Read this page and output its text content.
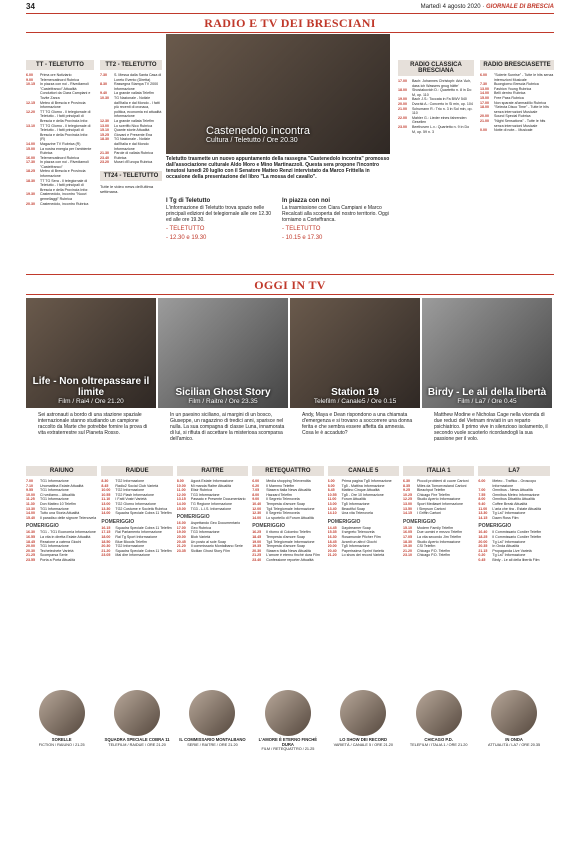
34	Martedì 4 agosto 2020 · GIORNALE DI BRESCIA
RADIO E TV DEI BRESCIANI
TT - TELETUTTO
6.00	Prima ore Notiziario
9.00	Telemercatinord Rubrica
10.15	In piazza con noi - Rivediamoli "Castelfranco" Attualità
Conduttori da Ciara Campiani e Tovite Zarza
12.15	Meteo di Brescia e Provincia Informazione
12.20	TT TG Giorno - Il telegiornale di Teletutto - I fatti principali di Brescia e della Provincia Infor.
13.10	TT TG Giorno - Il telegiornale di Teletutto - I fatti principali di Brescia e della Provincia Infor. (R)
14.00	Magazine TV Rubrica (R)
15.00	La nostra energia per l'ambiente Rubrica
16.00	Telemercatinord Rubrica
17.30	In piazza con noi - Rivediamoli "Castelfranco"
18.25	Meteo di Brescia e Provincia Informazione
18.30	TT TG Sera - Il telegiornale di Teletutto - I fatti principali di Brescia e della Provincia Infor.
19.30	Castenedolo, incontro "Nuovi gemellaggi" Rubrica
20.30	Castenedolo, incontro Rubrica
TT2 - TELETUTTO
7.30	S. Messa dalla Santa Casa di Loreto Evento (Diretta)
8.30	Rassegna Stampa TV 2000 Informazione
9.40	La grande vallata Teleflm
10.30	TG Nazionale - Notizie dall'Italia e dal Mondo - I fatti più recenti di cronaca, politica, economia ed attualità Informazione
12.30	La grande vallata Teleflm
13.00	Lo sceriffo Nico Rubrica
15.10	Quante storie Attualità
15.25	Giovani e Presente Ena
18.30	TG Nazionale - Notizie dall'Italia e dal Mondo Informazione
21.30	Parole di vallata Rubrica
23.40	Rubrica
23.20	Musei d'Europa Rubrica
TT24 - TELETUTTO
Tutte le video news dell'ultima settimana.
Castenedolo incontra
Cultura / Teletutto / Ore 20.30
Teletutto trasmette un nuovo appuntamento della rassegna "Castenedolo incontra" promosso dall'associazione culturale Aldo Moro e Mino Martinazzoli. Questa sera propone l'incontro tenutosi lunedì 20 luglio con il Senatore Matteo Renzi intervistato da Marco Frittella in occasione della presentazione del libro "La mossa del cavallo".
I Tg di Teletutto
L'informazione di Teletutto trova spazio nelle principali edizioni del telegiornale alle ore 12.30 ed alle ore 19.30.
- TELETUTTO
- 12.30 e 19.30
In piazza con noi
La trasmissione con Ciara Campiani e Marco Recalcati alla scoperta del nostro territorio. Oggi torniamo a Corteffranca.
- TELETUTTO
- 10.15 e 17.30
RADIO CLASSICA BRESCIANA
17.00	Bach: Johannes Christoph: Aria 'Ach, dass ich Wassers gnug hätte'
18.00	Shostakovich D.: Quartetto n. 8 in Do M, op. 110
19.00	Bach J.S.: Toccata in Fa BWV 540
20.00	Dvorák A.: Concerto in Si min, op. 104
21.00	Schumann R.: Trio n. 3 in Sol min, op. 110
22.00	Mahler G.: Lieder eines fahrenden Gesellen
23.00	Beethoven L.v.: Quartetto n. 9 in Do M, op. 59 n. 3
RADIO BRESCIASETTE
6.00	"Solerte Sunrise" - Tutte le hits senza interruzioni Musicale
7.30	Buongiorno Brescia Rubrica
13.00	Fashion Young Rubrica
14.00	Belli dentro Rubrica
15.00	Free Pass Rubrica
17.00	Non sparate al'armadillo Rubrica
18.00	"Selecta Disco Time" - Tutte le hits senza interruzioni Musicale
20.00	Sound Special Rubrica
21.00	"Night Sensations" - Tutte le hits senza interruzioni Musicale
0.00	Notte di note... Musicale
OGGI IN TV
Life - Non oltrepassare il limite
Film / Rai4 / Ore 21.20
Sei astronauti a bordo di una stazione spaziale internazionale stanno studiando un campione raccolto da Marte che potrebbe fornire la prova di vita extraterrestre sul Pianeta Rosso.
Sicilian Ghost Story
Film / Raitre / Ore 23.35
In un paesino siciliano, ai margini di un bosco, Giuseppe, un ragazzino di tredici anni, sparisce nel nulla. La sua compagna di classe Luna, innamorata di lui, si rifiuta di accettare la misteriosa scomparsa dell'amico.
Station 19
Telefilm / Canale5 / Ore 0.15
Andy, Maya e Dean rispondono a una chiamata d'emergenza e si trovano a soccorrere una donna ferita e che sembra essere affetta da amnesia. Cosa le è accaduto?
Birdy - Le ali della libertà
Film / La7 / Ore 0.45
Matthew Modine e Nicholas Cage nella vicenda di due reduci del Vietnam rinviati in un reparto psichiatrico. Il primo vive in silenzioso isolamento, il secondo vuole scuoterlo ricordandogli la sua passione per il volo.
RAIUNO
7.00	TG1 Informazione
7.10	Unomattina Estate Attualità
9.55	TG1 Informazione
10.00	Ci vediamo... Attualità
11.25	TG1 Informazione
11.30	Don Matteo 10 Teleflm
13.30	TG1 Informazione
14.00	Tutto una Storia Attualità
15.40	Il paradiso delle signore Telenovela
POMERIGGIO
16.30	TG1 - TG1 Economia Informazione
16.55	La vita in diretta Estate Attualità
18.45	Reazione a catena Giochi
20.00	TG1 Informazione
20.30	Techetechete Varietà
21.25	Scomparsa Serie
23.55	Porta a Porta Attualità
RAIDUE
8.30	TG2 Informazione
8.45	Radio2 Social Club Varietà
10.00	TG2 Informazione
10.55	TG2 Flash Informazione
11.10	I Fatti Vostri Varietà
13.00	TG2 Giorno Informazione
13.30	TG2 Costume e Società Rubrica
14.00	Squadra Speciale Cobra 11 Teleflm
POMERIGGIO
16.15	Squadra Speciale Cobra 11 Teleflm
17.15	Rai Parlamento Informazione
18.00	Rai Tg Sport Informazione
18.50	Blue Bloods Teleflm
20.30	TG2 Informazione
21.20	Squadra Speciale Cobra 11 Teleflm
23.05	Mai dire Informazione
RAITRE
8.00	Agorà Estate Informazione
10.00	Mi manda Raitre Attualità
11.00	Elisir Rubrica
12.00	TG3 Informazione
13.15	Passato e Presente Documentario
14.00	TG Regione Informazione
15.00	TG3 - L.I.S. Informazione
POMERIGGIO
16.00	Aspettando Geo Documentario
17.00	Geo Rubrica
19.00	TG3 Informazione
20.00	Blob Varietà
20.45	Un posto al sole Soap
21.20	Il commissario Montalbano Serie
23.35	Sicilian Ghost Story Film
RETEQUATTRO
6.00	Media shopping Televendita
6.20	Il Mammo Teleflm
7.05	Stasera Italia News Attualità
8.00	Hazzard Teleflm
9.00	Il Segreto Telenovela
10.40	Tempesta d'amore Soap
12.00	Tg4 Telegiornale Informazione
12.30	Il Segreto Telenovela
14.00	Lo sportello di Forum Attualità
POMERIGGIO
16.25	Il ritorno di Colombo Teleflm
18.45	Tempesta d'amore Soap
19.00	Tg4 Telegiornale Informazione
19.35	Tempesta d'amore Soap
20.30	Stasera Italia News Attualità
21.25	L'amore è eterno finché dura Film
23.40	Confessione reporter Attualità
CANALE 5
6.00	Prima pagina Tg5 Informazione
8.00	Tg5 - Mattina Informazione
8.45	Mattino Cinque Attualità
10.55	Tg5 - Ore 10 Informazione
11.00	Forum Attualità
13.00	Tg5 Informazione
13.40	Beautiful Soap
14.10	Una vita Telenovela
POMERIGGIO
14.45	Daydreamer Soap
15.35	Il segreto Telenovela
16.30	Rosamunde Pilcher Film
18.45	Avanti un altro! Giochi
20.00	Tg5 Informazione
20.40	Paperissima Sprint Varietà
21.20	Lo show dei record Varietà
ITALIA 1
6.30	Piccoli problemi di cuore Cartoni
8.35	Miles da Tomorrowland Cartoni
9.25	Bleachpot Teleflm
10.25	Chicago Fire Teleflm
12.25	Studio Aperto Informazione
13.00	Sport Mediaset Informazione
13.50	I Simpson Cartoni
14.15	I Griffin Cartoni
POMERIGGIO
15.10	Modern Family Teleflm
16.05	Due uomini e mezzo Teleflm
17.05	La vita secondo Jim Teleflm
18.30	Studio Aperto Informazione
19.30	CSI Teleflm
21.20	Chicago P.D. Teleflm
23.10	Chicago P.D. Teleflm
LA7
6.00	Meteo - Traffico - Oroscopo Informazione
7.00	Omnibus - News Attualità
7.55	Omnibus Meteo Informazione
8.00	Omnibus Dibattito Attualità
9.40	Coffee Break Attualità
11.00	L'aria che tira - Estate Attualità
13.30	Tg La7 Informazione
14.15	Dawn Ross Film
POMERIGGIO
16.40	Il Commissario Cordier Teleflm
18.25	Il Commissario Cordier Teleflm
20.00	Tg La7 Informazione
20.35	In Onda Attualità
21.15	Propaganda Live Varietà
0.20	Tg La7 Informazione
0.45	Birdy - Le ali della libertà Film
SORELLE
FICTION / RAIUNO / 21.25
SQUADRA SPECIALE COBRA 11
TELEFILM / RAIDUE / ORE 21.20
IL COMMISSARIO MONTALBANO
SERIE / RAITRE / ORE 21.20
L'AMORE È ETERNO FINCHÉ DURA
FILM / RETEQUATTRO / 21.25
LO SHOW DEI RECORD
VARIETÀ / CANALE 5 / ORE 21.20
CHICAGO P.D.
TELEFILM / ITALIA 1 / ORE 21.20
IN ONDA
ATTUALITÀ / LA7 / ORE 20.35
